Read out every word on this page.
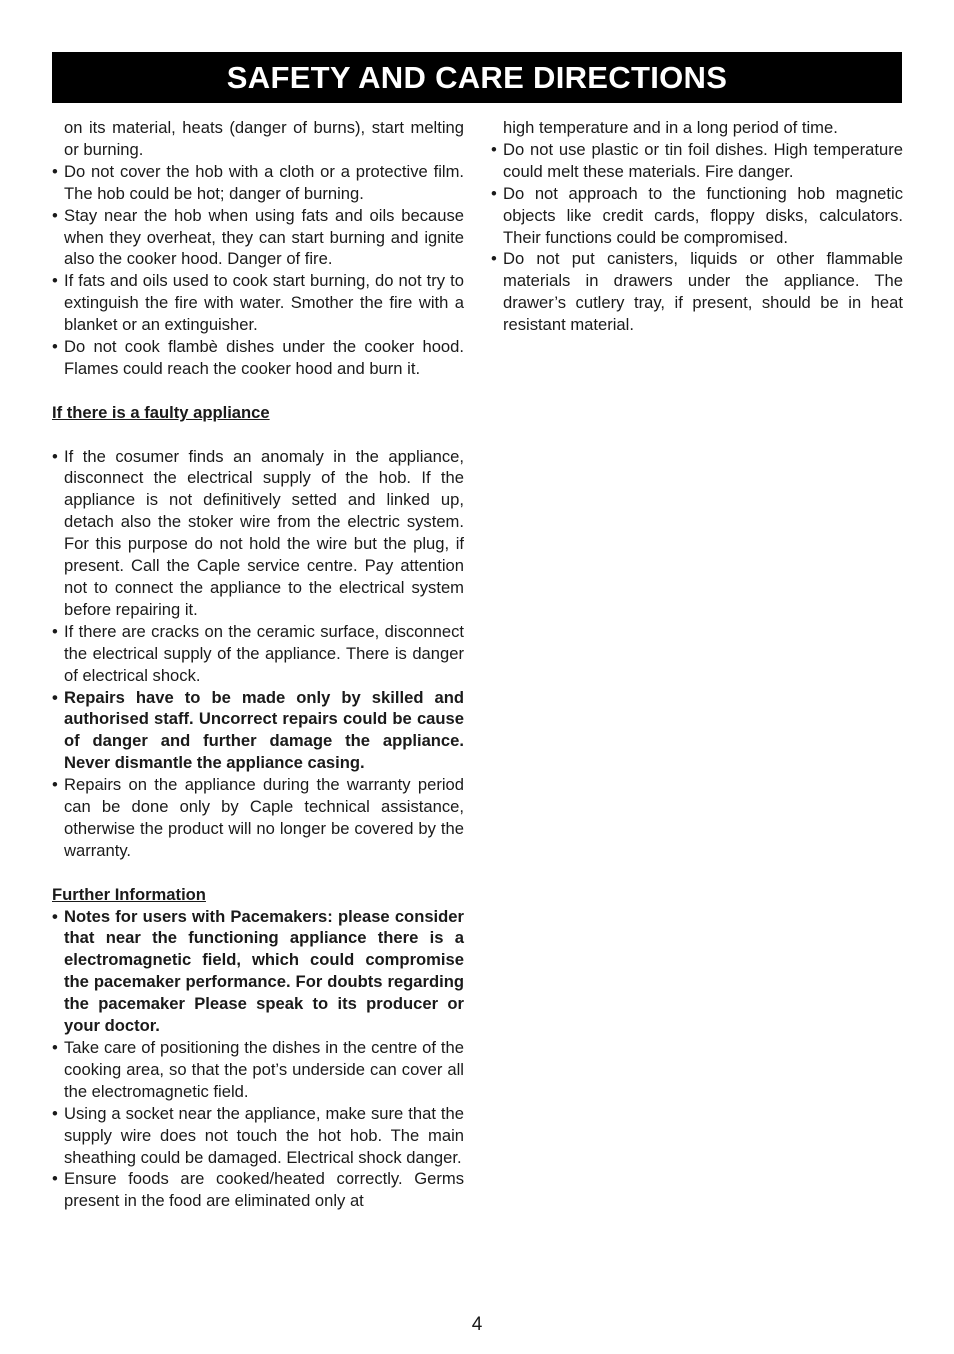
SAFETY AND CARE DIRECTIONS

on its material, heats (danger of burns), start melting or burning.

• Do not cover the hob with a cloth or a protective film. The hob could be hot; danger of burning.

• Stay near the hob when using fats and oils because when they overheat, they can start burning and ignite also the cooker hood. Danger of fire.

• If fats and oils used to cook start burning, do not try to extinguish the fire with water. Smother the fire with a blanket or an extinguisher.

• Do not cook flambè dishes under the cooker hood. Flames could reach the cooker hood and burn it.

If there is a faulty appliance

• If the cosumer finds an anomaly in the appliance, disconnect the electrical supply of the hob. If the appliance is not definitively setted and linked up, detach also the stoker wire from the electric system. For this purpose do not hold the wire but the plug, if present. Call the Caple service centre. Pay attention not to connect the appliance to the electrical system before repairing it.

• If there are cracks on the ceramic surface, disconnect the electrical supply of the appliance. There is danger of electrical shock.

• Repairs have to be made only by skilled and authorised staff. Uncorrect repairs could be cause of danger and further damage the appliance. Never dismantle the appliance casing.

• Repairs on the appliance during the warranty period can be done only by Caple technical assistance, otherwise the product will no longer be covered by the warranty.

Further Information

• Notes for users with Pacemakers: please consider that near the functioning appliance there is a electromagnetic field, which could compromise the pacemaker performance. For doubts regarding the pacemaker Please speak to its producer or your doctor.

• Take care of positioning the dishes in the centre of the cooking area, so that the pot’s underside can cover all the electromagnetic field.

• Using a socket near the appliance, make sure that the supply wire does not touch the hot hob. The main sheathing could be damaged. Electrical shock danger.

• Ensure foods are cooked/heated correctly. Germs present in the food are eliminated only at

high temperature and in a long period of time.

• Do not use plastic or tin foil dishes. High temperature could melt these materials. Fire danger.

• Do not approach to the functioning hob magnetic objects like credit cards, floppy disks, calculators. Their functions could be compromised.

• Do not put canisters, liquids or other flammable materials in drawers under the appliance. The drawer’s cutlery tray, if present, should be in heat resistant material.

4
